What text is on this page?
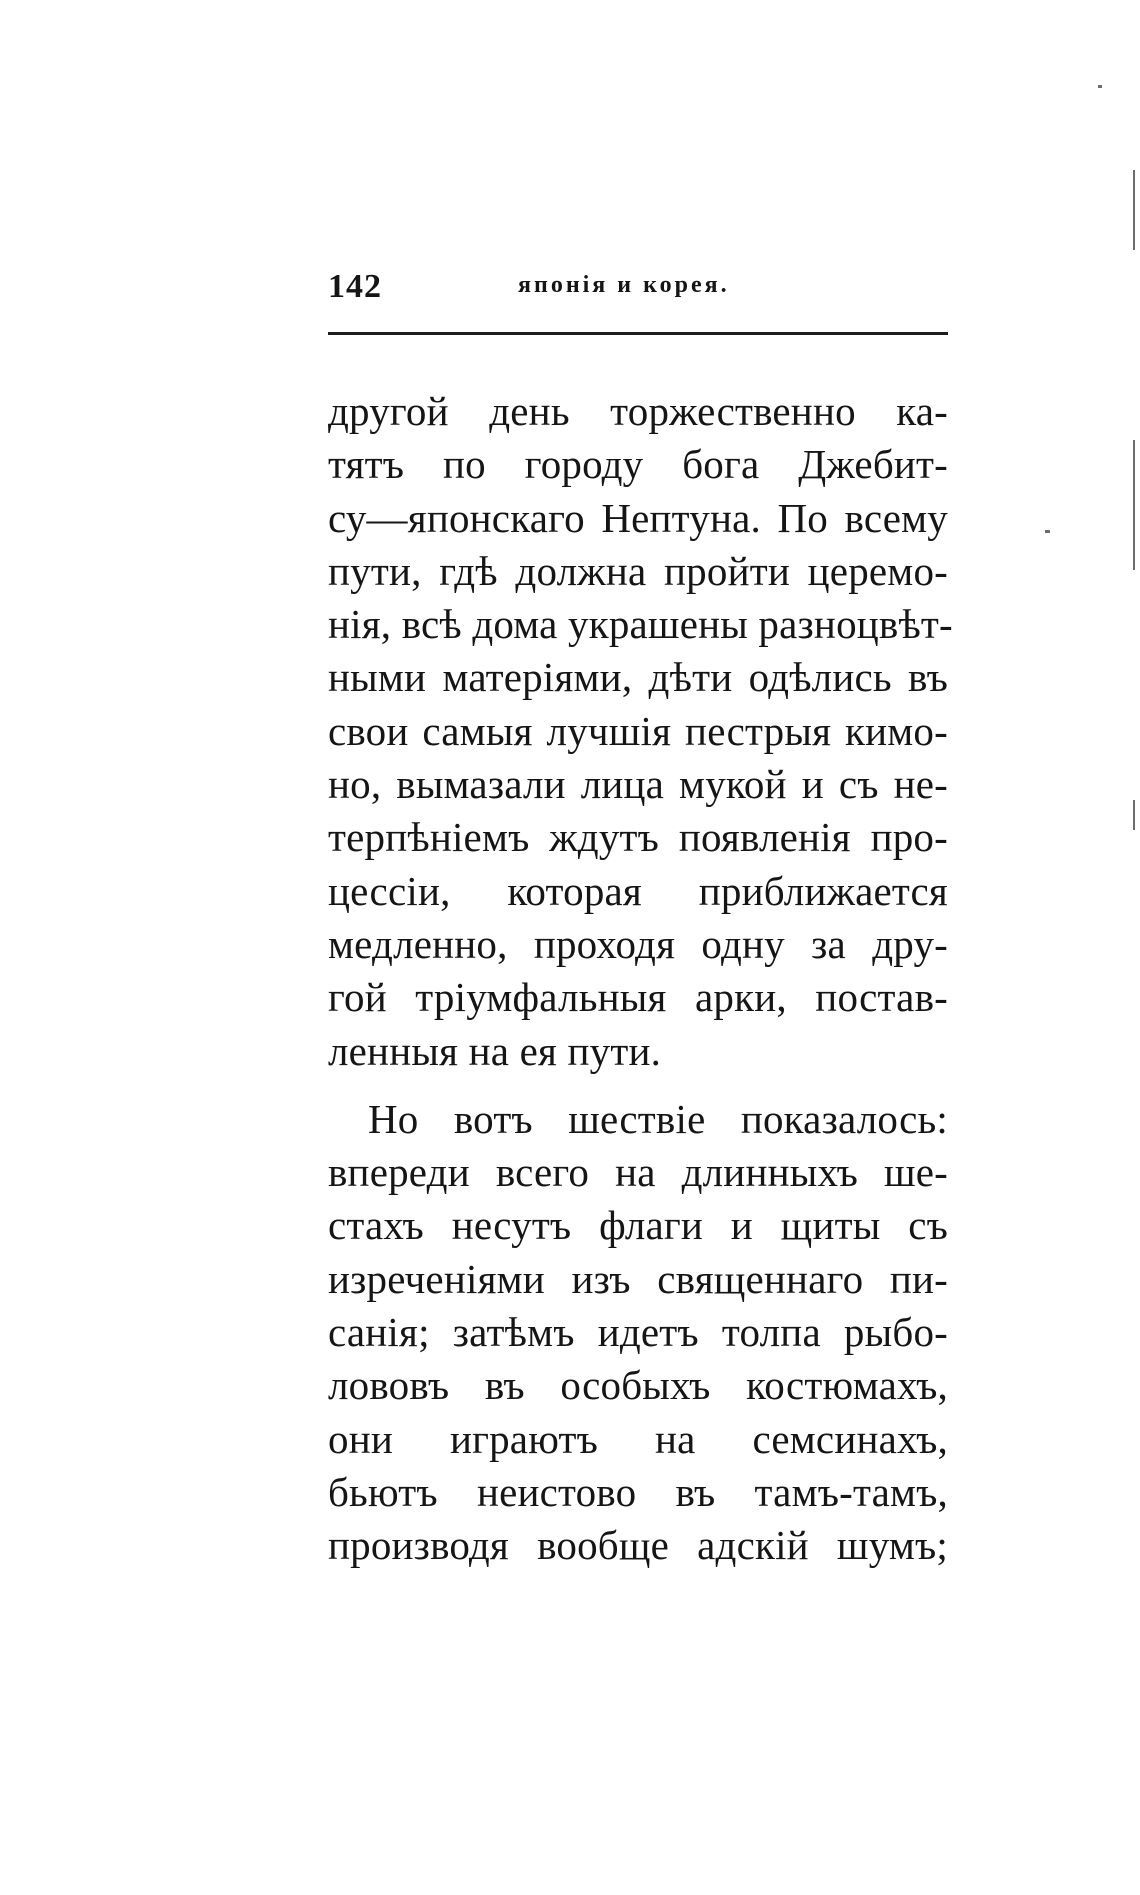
142	японія и корея.
другой день торжественно ка-
тятъ по городу бога Джебит-
су—японскаго Нептуна. По всему
пути, гдѣ должна пройти церемо-
нія, всѣ дома украшены разноцвѣт-
ными матеріями, дѣти одѣлись въ
свои самыя лучшія пестрыя кимо-
но, вымазали лица мукой и съ не-
терпѣніемъ ждутъ появленія про-
цессіи, которая приближается
медленно, проходя одну за дру-
гой тріумфальныя арки, постав-
ленныя на ея пути.
Но вотъ шествіе показалось:
впереди всего на длинныхъ ше-
стахъ несутъ флаги и щиты съ
изреченіями изъ священнаго пи-
санія; затѣмъ идетъ толпа рыбо-
лововъ въ особыхъ костюмахъ,
они играютъ на семсинахъ,
бьютъ неистово въ тамъ-тамъ,
производя вообще адскій шумъ;
